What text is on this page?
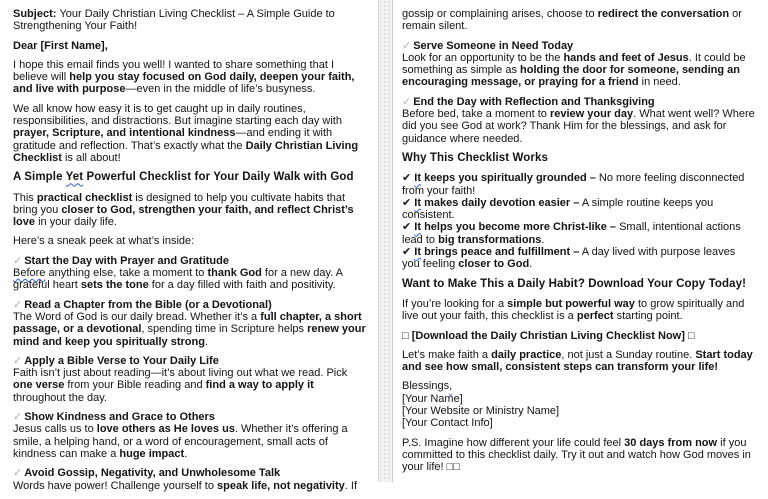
Subject: Your Daily Christian Living Checklist – A Simple Guide to Strengthening Your Faith!

Dear [First Name],

I hope this email finds you well! I wanted to share something that I believe will help you stay focused on God daily, deepen your faith, and live with purpose—even in the middle of life’s busyness.

We all know how easy it is to get caught up in daily routines, responsibilities, and distractions. But imagine starting each day with prayer, Scripture, and intentional kindness—and ending it with gratitude and reflection. That’s exactly what the Daily Christian Living Checklist is all about!

A Simple Yet Powerful Checklist for Your Daily Walk with God

This practical checklist is designed to help you cultivate habits that bring you closer to God, strengthen your faith, and reflect Christ’s love in your daily life.

Here’s a sneak peek at what’s inside:

✓ Start the Day with Prayer and Gratitude

Before anything else, take a moment to thank God for a new day. A grateful heart sets the tone for a day filled with faith and positivity.

✓ Read a Chapter from the Bible (or a Devotional)

The Word of God is our daily bread. Whether it’s a full chapter, a short passage, or a devotional, spending time in Scripture helps renew your mind and keep you spiritually strong.

✓ Apply a Bible Verse to Your Daily Life

Faith isn’t just about reading—it’s about living out what we read. Pick one verse from your Bible reading and find a way to apply it throughout the day.

✓ Show Kindness and Grace to Others

Jesus calls us to love others as He loves us. Whether it’s offering a smile, a helping hand, or a word of encouragement, small acts of kindness can make a huge impact.

✓ Avoid Gossip, Negativity, and Unwholesome Talk

Words have power! Challenge yourself to speak life, not negativity. If

gossip or complaining arises, choose to redirect the conversation or remain silent.

✓ Serve Someone in Need Today

Look for an opportunity to be the hands and feet of Jesus. It could be something as simple as holding the door for someone, sending an encouraging message, or praying for a friend in need.

✓ End the Day with Reflection and Thanksgiving

Before bed, take a moment to review your day. What went well? Where did you see God at work? Thank Him for the blessings, and ask for guidance where needed.

Why This Checklist Works

✔ It keeps you spiritually grounded – No more feeling disconnected from your faith!

✔ It makes daily devotion easier – A simple routine keeps you consistent.

✔ It helps you become more Christ-like – Small, intentional actions lead to big transformations.

✔ It brings peace and fulfillment – A day lived with purpose leaves you feeling closer to God.

Want to Make This a Daily Habit? Download Your Copy Today!

If you’re looking for a simple but powerful way to grow spiritually and live out your faith, this checklist is a perfect starting point.

□ [Download the Daily Christian Living Checklist Now] □

Let’s make faith a daily practice, not just a Sunday routine. Start today and see how small, consistent steps can transform your life!

Blessings,

[Your Name]

[Your Website or Ministry Name]

[Your Contact Info]

P.S. Imagine how different your life could feel 30 days from now if you committed to this checklist daily. Try it out and watch how God moves in your life! □□
